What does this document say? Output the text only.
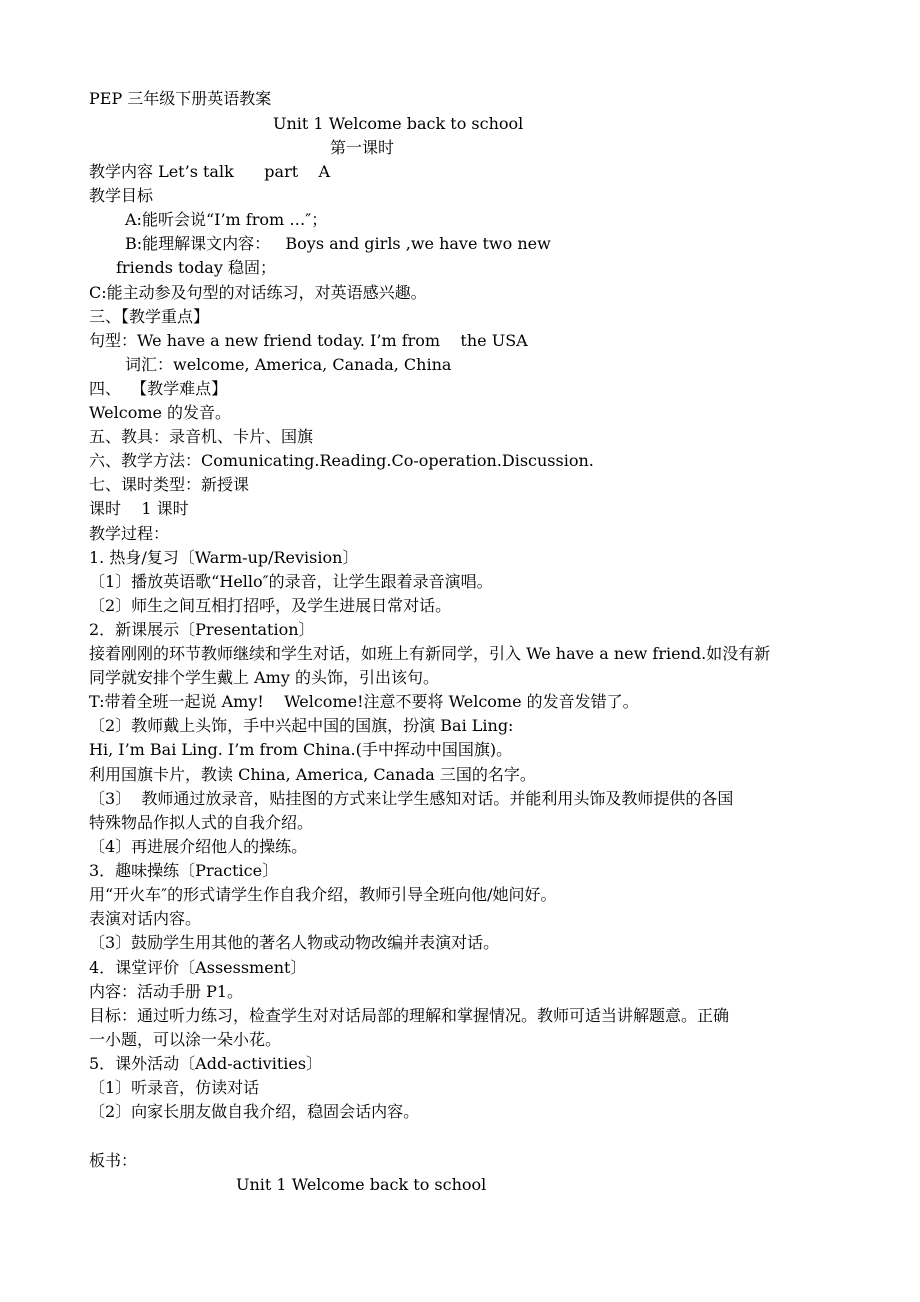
PEP 三年级下册英语教案
Unit 1 Welcome back to school
第一课时
教学内容 Let’s talk      part    A
教学目标
A:能听会说“I’m from …″；
B:能理解课文内容：   Boys and girls ,we have two new
friends today 稳固；
C:能主动参及句型的对话练习，对英语感兴趣。
三、【教学重点】
句型：We have a new friend today. I’m from    the USA
词汇：welcome, America, Canada, China
四、  【教学难点】
Welcome 的发音。
五、教具：录音机、卡片、国旗
六、教学方法：Comunicating.Reading.Co-operation.Discussion.
七、课时类型：新授课
课时    1 课时
教学过程：
1. 热身/复习〔Warm-up/Revision〕
〔1〕播放英语歌“Hello″的录音，让学生跟着录音演唱。
〔2〕师生之间互相打招呼，及学生进展日常对话。
2．新课展示〔Presentation〕
接着刚刚的环节教师继续和学生对话，如班上有新同学，引入 We have a new friend.如没有新
同学就安排个学生戴上 Amy 的头饰，引出该句。
T:带着全班一起说 Amy!    Welcome!注意不要将 Welcome 的发音发错了。
〔2〕教师戴上头饰，手中兴起中国的国旗，扮演 Bai Ling:
Hi, I’m Bai Ling. I’m from China.(手中挥动中国国旗)。
利用国旗卡片，教读 China, America, Canada 三国的名字。
〔3〕  教师通过放录音，贴挂图的方式来让学生感知对话。并能利用头饰及教师提供的各国
特殊物品作拟人式的自我介绍。
〔4〕再进展介绍他人的操练。
3．趣味操练〔Practice〕
用“开火车″的形式请学生作自我介绍，教师引导全班向他/她问好。
表演对话内容。
〔3〕鼓励学生用其他的著名人物或动物改编并表演对话。
4．课堂评价〔Assessment〕
内容：活动手册 P1。
目标：通过听力练习，检查学生对对话局部的理解和掌握情况。教师可适当讲解题意。正确
一小题，可以涂一朵小花。
5．课外活动〔Add-activities〕
〔1〕听录音，仿读对话
〔2〕向家长朋友做自我介绍，稳固会话内容。
板书：
Unit 1 Welcome back to school
